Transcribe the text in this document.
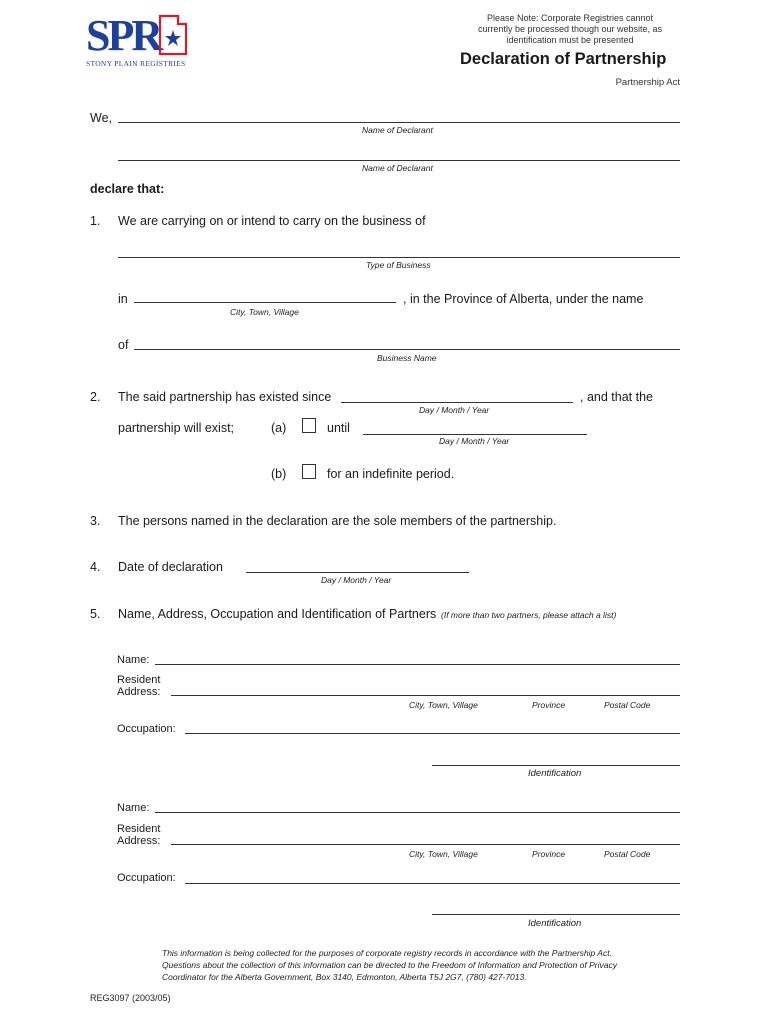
SPR
STONY PLAIN REGISTRIES
Please Note: Corporate Registries cannot currently be processed though our website, as identification must be presented
Declaration of Partnership
Partnership Act
We,
Name of Declarant
Name of Declarant
declare that:
1. We are carrying on or intend to carry on the business of
Type of Business
in	, in the Province of Alberta, under the name
City, Town, Village
of
Business Name
2. The said partnership has existed since	, and that the
Day / Month / Year
partnership will exist;	(a)	until
Day / Month / Year
(b)	for an indefinite period.
3. The persons named in the declaration are the sole members of the partnership.
4. Date of declaration
Day / Month / Year
5. Name, Address, Occupation and Identification of Partners (If more than two partners, please attach a list)
Name:
Resident
Address:
City, Town, Village	Province	Postal Code
Occupation:
Identification
Name:
Resident
Address:
City, Town, Village	Province	Postal Code
Occupation:
Identification
This information is being collected for the purposes of corporate registry records in accordance with the Partnership Act. Questions about the collection of this information can be directed to the Freedom of Information and Protection of Privacy Coordinator for the Alberta Government, Box 3140, Edmonton, Alberta T5J 2G7, (780) 427-7013.
REG3097 (2003/05)
